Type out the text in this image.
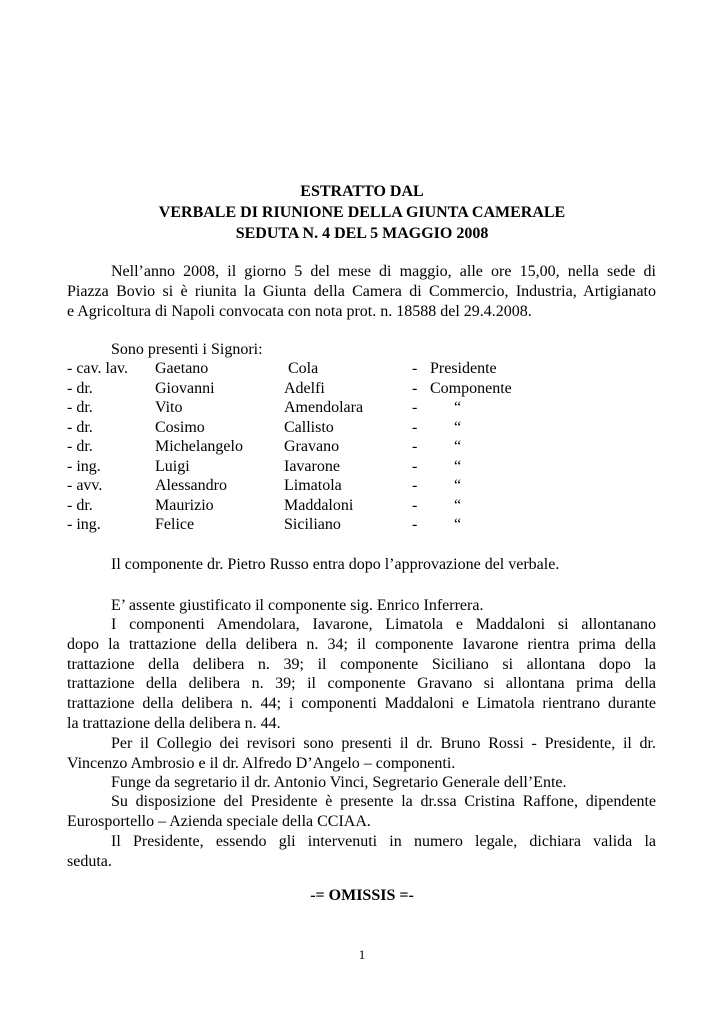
ESTRATTO DAL
VERBALE DI RIUNIONE DELLA GIUNTA CAMERALE
SEDUTA N. 4 DEL 5 MAGGIO 2008
Nell’anno 2008, il giorno 5 del mese di maggio, alle ore 15,00, nella sede di
Piazza Bovio si è riunita la Giunta della Camera di Commercio, Industria, Artigianato
e Agricoltura di Napoli convocata con nota prot. n. 18588 del 29.4.2008.
Sono presenti i Signori:
- cav. lav. Gaetano	Cola	- Presidente
- dr.	Giovanni	Adelfi	- Componente
- dr.	Vito	Amendolara	- “
- dr.	Cosimo	Callisto	- “
- dr.	Michelangelo	Gravano	- “
- ing.	Luigi	Iavarone	- “
- avv.	Alessandro	Limatola	- “
- dr.	Maurizio	Maddaloni	- “
- ing.	Felice	Siciliano	- “
Il componente dr. Pietro Russo entra dopo l’approvazione del verbale.
E’ assente giustificato il componente sig. Enrico Inferrera.
I componenti Amendolara, Iavarone, Limatola e Maddaloni si allontanano
dopo la trattazione della delibera n. 34; il componente Iavarone rientra prima della
trattazione della delibera n. 39; il componente Siciliano si allontana dopo la
trattazione della delibera n. 39; il componente Gravano si allontana prima della
trattazione della delibera n. 44; i componenti Maddaloni e Limatola rientrano durante
la trattazione della delibera n. 44.
Per il Collegio dei revisori sono presenti il dr. Bruno Rossi - Presidente, il dr.
Vincenzo Ambrosio e il dr. Alfredo D’Angelo – componenti.
Funge da segretario il dr. Antonio Vinci, Segretario Generale dell’Ente.
Su disposizione del Presidente è presente la dr.ssa Cristina Raffone, dipendente
Eurosportello – Azienda speciale della CCIAA.
Il Presidente, essendo gli intervenuti in numero legale, dichiara valida la
seduta.
-= OMISSIS =-
1
